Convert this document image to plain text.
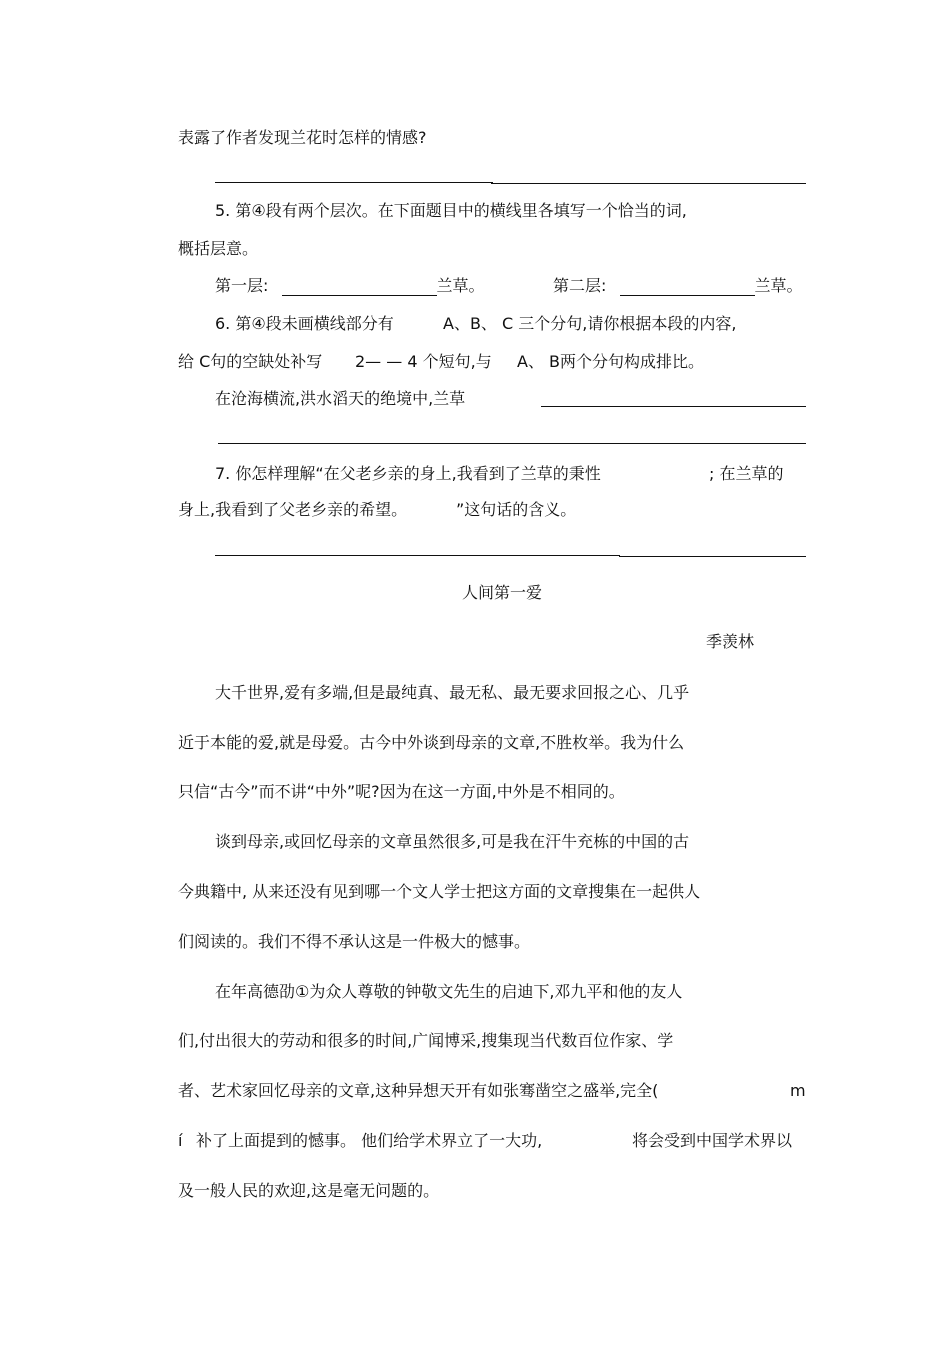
表露了作者发现兰花时怎样的情感?
5. 第④段有两个层次。在下面题目中的横线里各填写一个恰当的词,
概括层意。
第一层:	兰草。	第二层:	兰草。
6. 第④段未画横线部分有	A、B、 C 三个分句,请你根据本段的内容,
给 C句的空缺处补写 2— — 4 个短句,与 A、 B两个分句构成排比。
在沧海横流,洪水滔天的绝境中,兰草
7. 你怎样理解“在父老乡亲的身上,我看到了兰草的秉性	; 在兰草的
身上,我看到了父老乡亲的希望。	”这句话的含义。
人间第一爱
季羡林
大千世界,爱有多端,但是最纯真、最无私、最无要求回报之心、几乎
近于本能的爱,就是母爱。古今中外谈到母亲的文章,不胜枚举。我为什么
只信“古今”而不讲“中外”呢?因为在这一方面,中外是不相同的。
谈到母亲,或回忆母亲的文章虽然很多,可是我在汗牛充栋的中国的古
今典籍中, 从来还没有见到哪一个文人学士把这方面的文章搜集在一起供人
们阅读的。我们不得不承认这是一件极大的憾事。
在年高德劭①为众人尊敬的钟敬文先生的启迪下,邓九平和他的友人
们,付出很大的劳动和很多的时间,广闻博采,搜集现当代数百位作家、学
者、艺术家回忆母亲的文章,这种异想天开有如张骞凿空之盛举,完全(	m
í 补了上面提到的憾事。 他们给学术界立了一大功,	将会受到中国学术界以
及一般人民的欢迎,这是毫无问题的。
